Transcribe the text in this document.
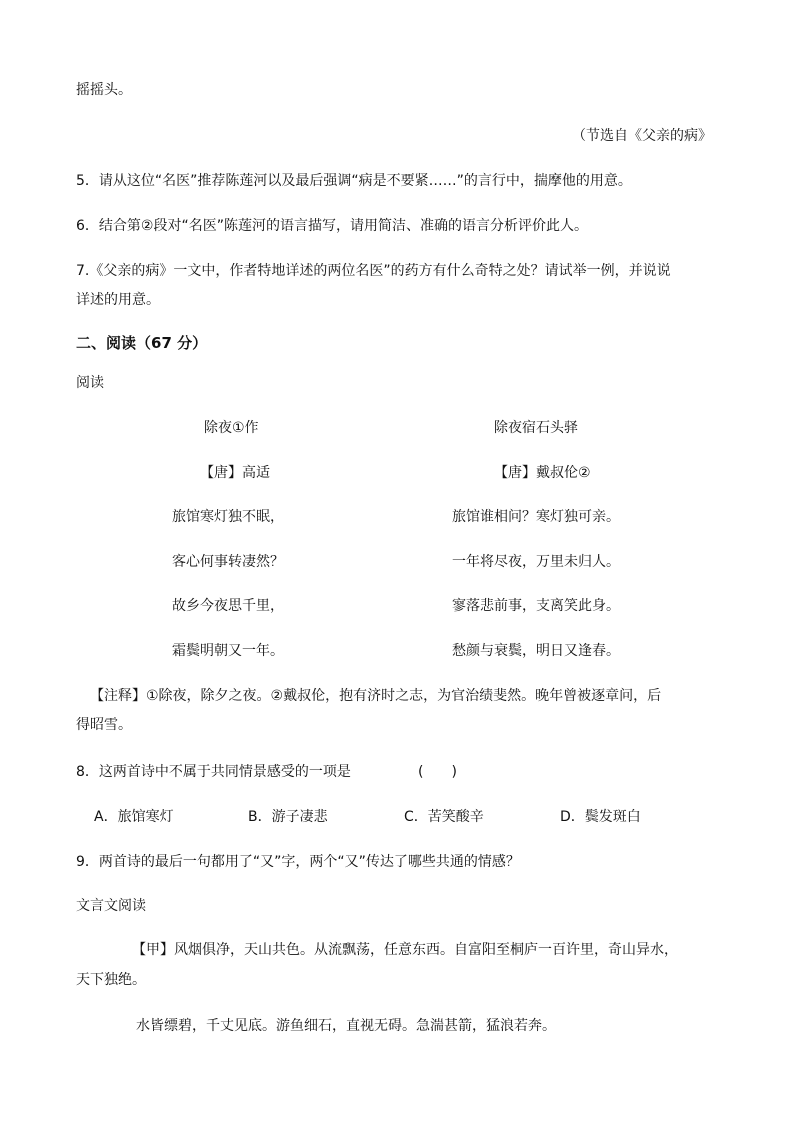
摇摇头。
（节选自《父亲的病》
5．请从这位“名医”推荐陈莲河以及最后强调“病是不要紧……”的言行中，揣摩他的用意。
6．结合第②段对“名医”陈莲河的语言描写，请用简洁、准确的语言分析评价此人。
7.《父亲的病》一文中，作者特地详述的两位名医”的药方有什么奇特之处？请试举一例，并说说
详述的用意。
二、阅读（67 分）
阅读
除夜①作
【唐】高适
旅馆寒灯独不眠，
客心何事转凄然？
故乡今夜思千里，
霜鬓明朝又一年。
除夜宿石头驿
【唐】戴叔伦②
旅馆谁相问？寒灯独可亲。
一年将尽夜，万里未归人。
寥落悲前事，支离笑此身。
愁颜与衰鬓，明日又逢春。
【注释】①除夜，除夕之夜。②戴叔伦，抱有济时之志，为官治绩斐然。晚年曾被逐章问，后
得昭雪。
8．这两首诗中不属于共同情景感受的一项是	(　　)
A．旅馆寒灯	B．游子凄悲	C．苦笑酸辛	D．鬓发斑白
9．两首诗的最后一句都用了“又”字，两个“又”传达了哪些共通的情感？
文言文阅读
【甲】风烟俱净，天山共色。从流飘荡，任意东西。自富阳至桐庐一百许里，奇山异水，
天下独绝。
水皆缥碧，千丈见底。游鱼细石，直视无碍。急湍甚箭，猛浪若奔。
